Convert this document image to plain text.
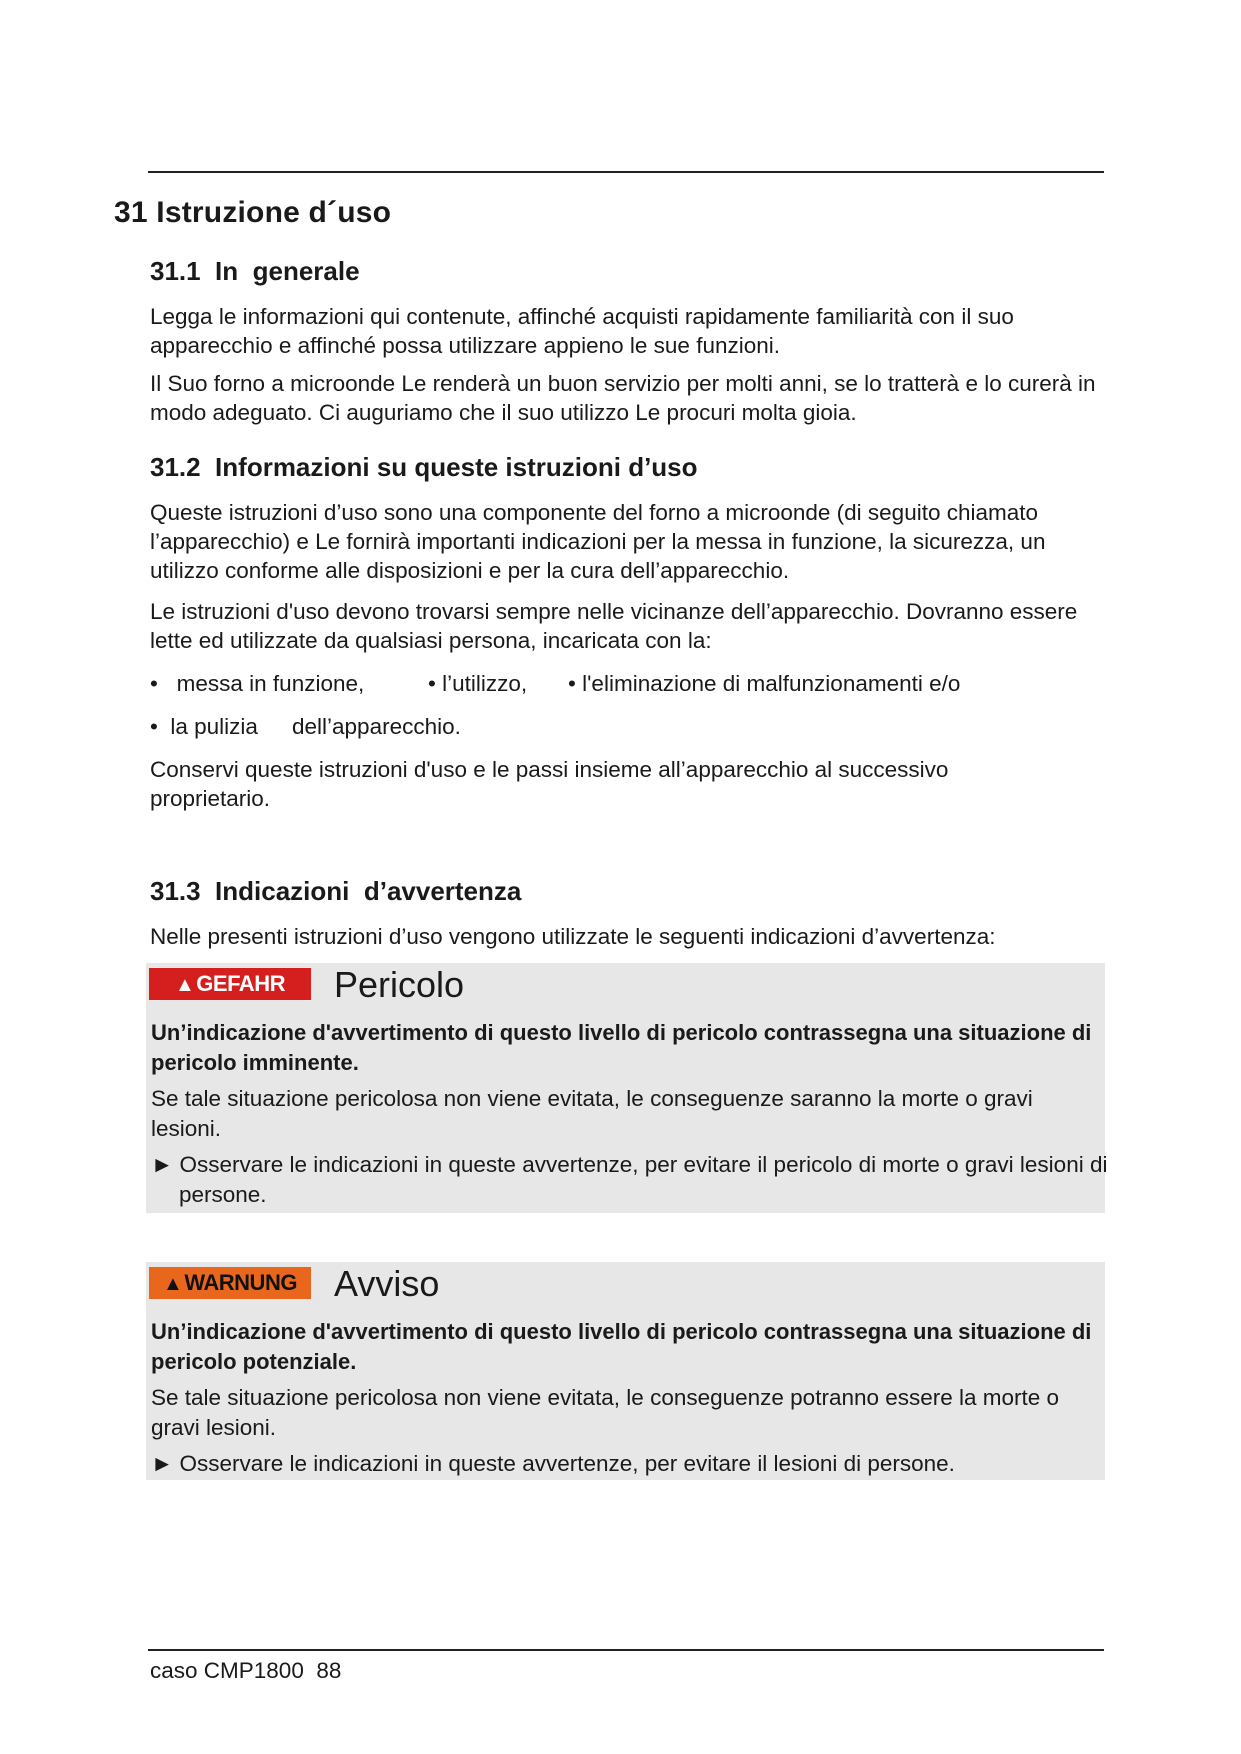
31 Istruzione d´uso
31.1  In  generale

Legga le informazioni qui contenute, affinché acquisti rapidamente familiarità con il suo apparecchio e affinché possa utilizzare appieno le sue funzioni.

Il Suo forno a microonde Le renderà un buon servizio per molti anni, se lo tratterà e lo curerà in modo adeguato. Ci auguriamo che il suo utilizzo Le procuri molta gioia.

31.2  Informazioni su queste istruzioni d’uso

Queste istruzioni d’uso sono una componente del forno a microonde (di seguito chiamato l’apparecchio) e Le fornirà importanti indicazioni per la messa in funzione, la sicurezza, un utilizzo conforme alle disposizioni e per la cura dell’apparecchio.

Le istruzioni d'uso devono trovarsi sempre nelle vicinanze dell’apparecchio. Dovranno essere lette ed utilizzate da qualsiasi persona, incaricata con la:

•   messa in funzione,	• l’utilizzo, • l'eliminazione di malfunzionamenti e/o
•  la pulizia dell’apparecchio.

Conservi queste istruzioni d'uso e le passi insieme all’apparecchio al successivo proprietario.

31.3  Indicazioni  d’avvertenza

Nelle presenti istruzioni d’uso vengono utilizzate le seguenti indicazioni d’avvertenza:

▲GEFAHR	Pericolo

Un’indicazione d'avvertimento di questo livello di pericolo contrassegna una situazione di pericolo imminente.

Se tale situazione pericolosa non viene evitata, le conseguenze saranno la morte o gravi lesioni.

► Osservare le indicazioni in queste avvertenze, per evitare il pericolo di morte o gravi lesioni di persone.

▲WARNUNG	Avviso

Un’indicazione d'avvertimento di questo livello di pericolo contrassegna una situazione di pericolo potenziale.

Se tale situazione pericolosa non viene evitata, le conseguenze potranno essere la morte o gravi lesioni.

► Osservare le indicazioni in queste avvertenze, per evitare il lesioni di persone.

caso CMP1800  88
